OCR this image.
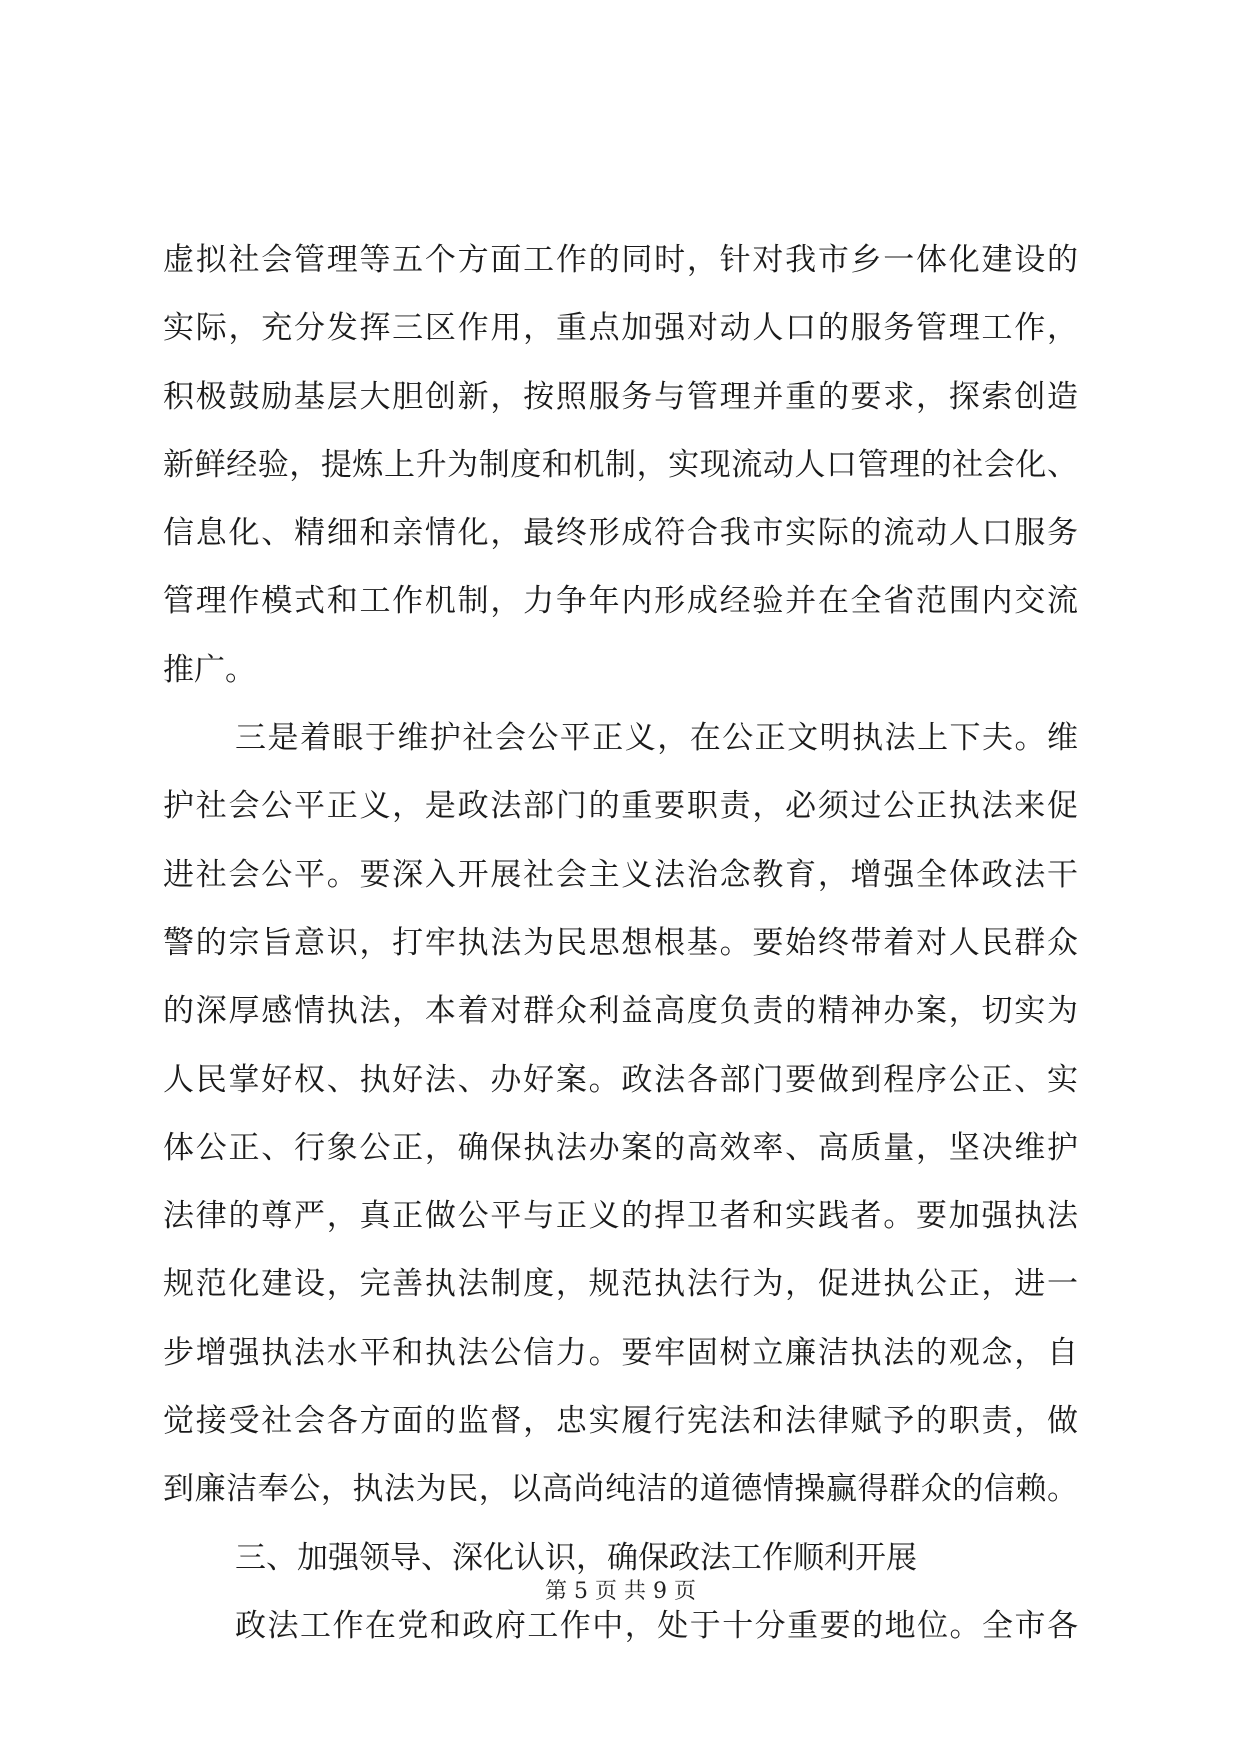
虚拟社会管理等五个方面工作的同时，针对我市乡一体化建设的
实际，充分发挥三区作用，重点加强对动人口的服务管理工作，
积极鼓励基层大胆创新，按照服务与管理并重的要求，探索创造
新鲜经验，提炼上升为制度和机制，实现流动人口管理的社会化、
信息化、精细和亲情化，最终形成符合我市实际的流动人口服务
管理作模式和工作机制，力争年内形成经验并在全省范围内交流
推广。
三是着眼于维护社会公平正义，在公正文明执法上下夫。维
护社会公平正义，是政法部门的重要职责，必须过公正执法来促
进社会公平。要深入开展社会主义法治念教育，增强全体政法干
警的宗旨意识，打牢执法为民思想根基。要始终带着对人民群众
的深厚感情执法，本着对群众利益高度负责的精神办案，切实为
人民掌好权、执好法、办好案。政法各部门要做到程序公正、实
体公正、行象公正，确保执法办案的高效率、高质量，坚决维护
法律的尊严，真正做公平与正义的捍卫者和实践者。要加强执法
规范化建设，完善执法制度，规范执法行为，促进执公正，进一
步增强执法水平和执法公信力。要牢固树立廉洁执法的观念，自
觉接受社会各方面的监督，忠实履行宪法和法律赋予的职责，做
到廉洁奉公，执法为民，以高尚纯洁的道德情操赢得群众的信赖。
三、加强领导、深化认识，确保政法工作顺利开展
政法工作在党和政府工作中，处于十分重要的地位。全市各
第 5 页 共 9 页
